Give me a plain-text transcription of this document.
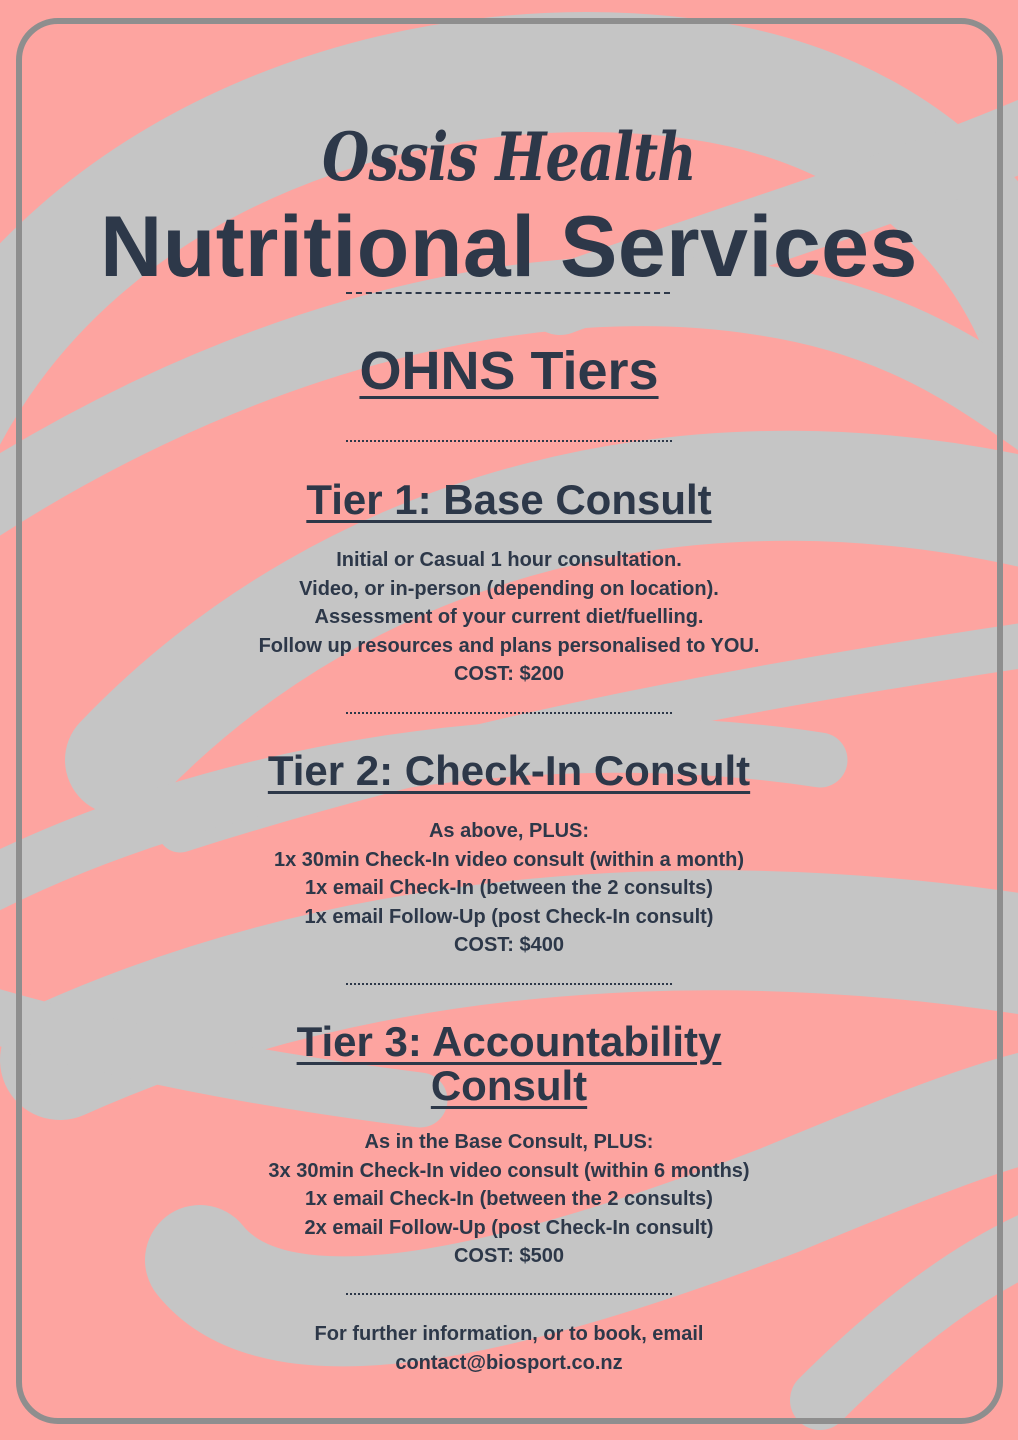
Ossis Health
Nutritional Services
OHNS Tiers
Tier 1: Base Consult
Initial or Casual 1 hour consultation.
Video, or in-person (depending on location).
Assessment of your current diet/fuelling.
Follow up resources and plans personalised to YOU.
COST: $200
Tier 2: Check-In Consult
As above, PLUS:
1x 30min Check-In video consult (within a month)
1x email Check-In (between the 2 consults)
1x email Follow-Up (post Check-In consult)
COST: $400
Tier 3: Accountability
Consult
As in the Base Consult, PLUS:
3x 30min Check-In video consult (within 6 months)
1x email Check-In (between the 2 consults)
2x email Follow-Up (post Check-In consult)
COST: $500
For further information, or to book, email
contact@biosport.co.nz
